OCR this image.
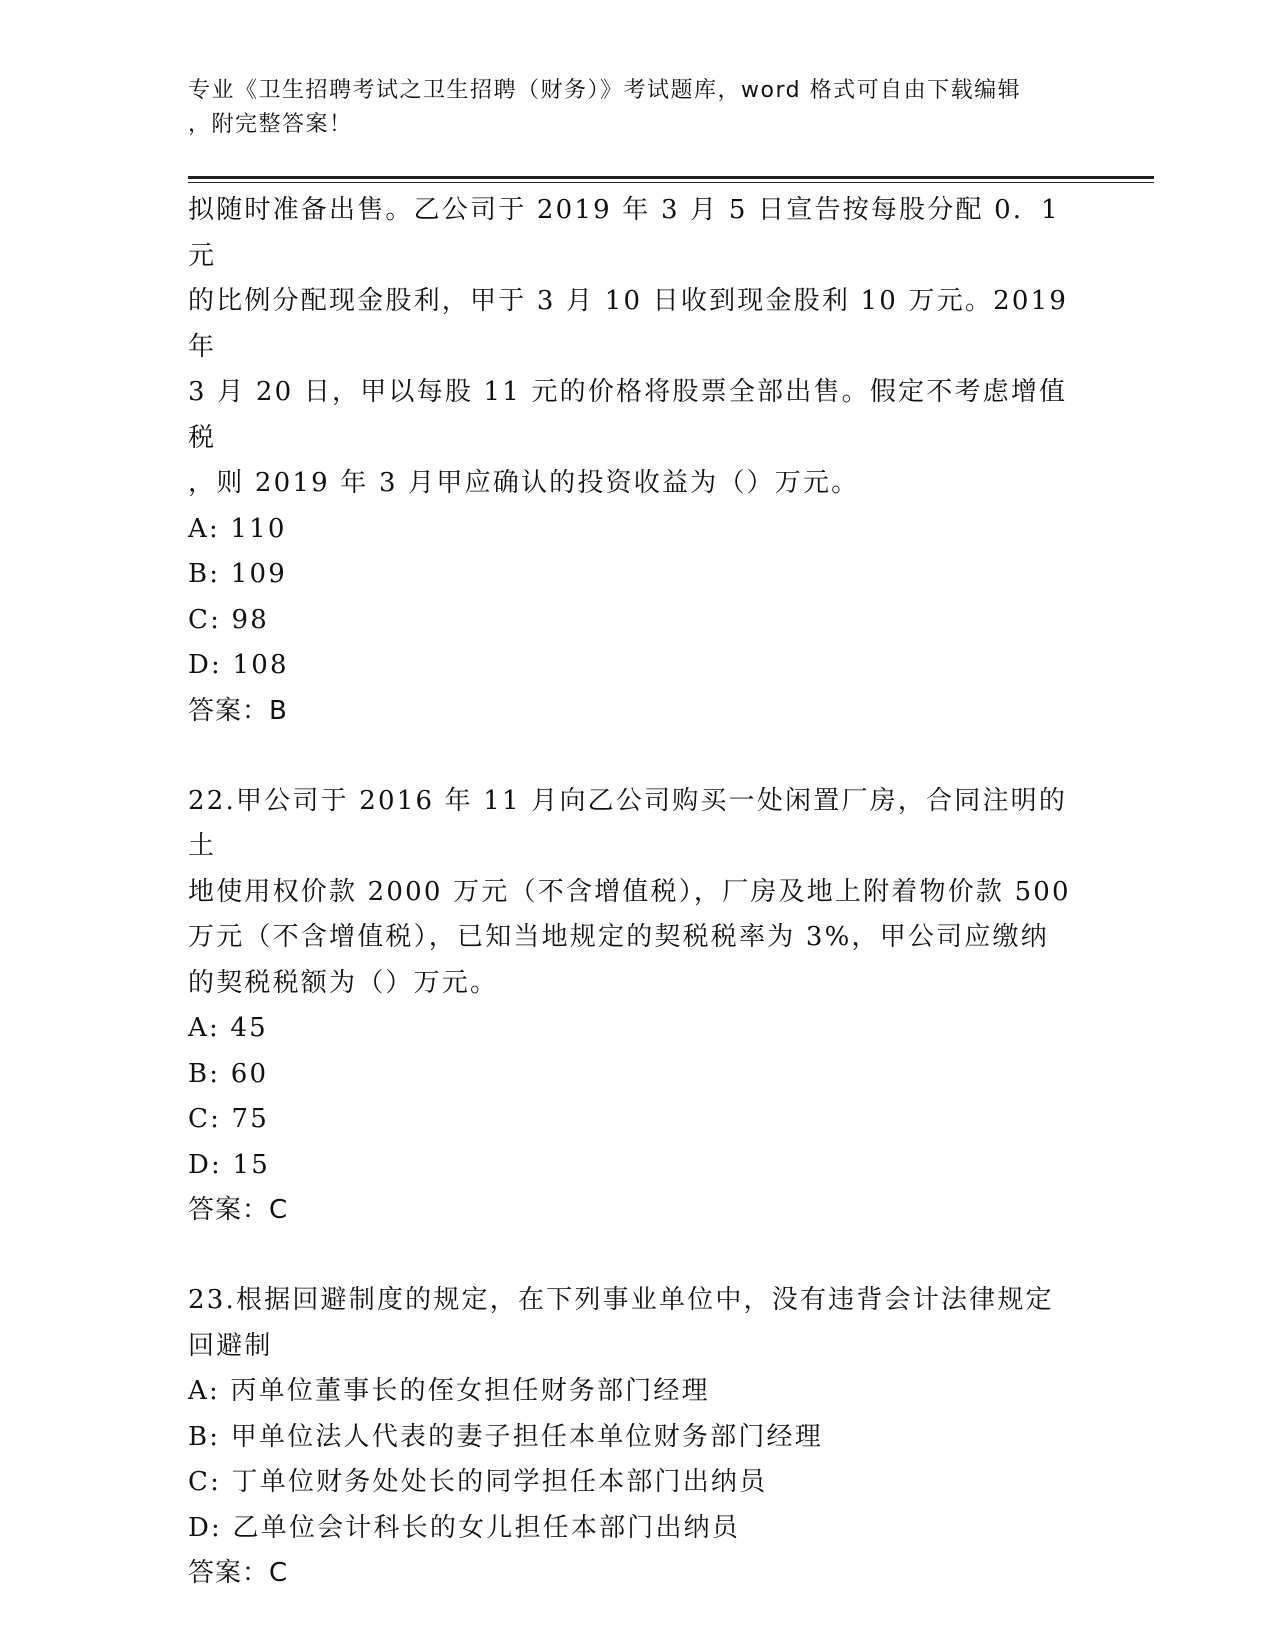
专业《卫生招聘考试之卫生招聘（财务）》考试题库，word 格式可自由下载编辑
，附完整答案！
拟随时准备出售。乙公司于 2019 年 3 月 5 日宣告按每股分配 0．1 元
的比例分配现金股利，甲于 3 月 10 日收到现金股利 10 万元。2019 年
3 月 20 日，甲以每股 11 元的价格将股票全部出售。假定不考虑增值税
，则 2019 年 3 月甲应确认的投资收益为（）万元。
A: 110
B: 109
C: 98
D: 108
答案：B
22.甲公司于 2016 年 11 月向乙公司购买一处闲置厂房，合同注明的土
地使用权价款 2000 万元（不含增值税），厂房及地上附着物价款 500
万元（不含增值税），已知当地规定的契税税率为 3%，甲公司应缴纳
的契税税额为（）万元。
A: 45
B: 60
C: 75
D: 15
答案：C
23.根据回避制度的规定，在下列事业单位中，没有违背会计法律规定
回避制
A: 丙单位董事长的侄女担任财务部门经理
B: 甲单位法人代表的妻子担任本单位财务部门经理
C: 丁单位财务处处长的同学担任本部门出纳员
D: 乙单位会计科长的女儿担任本部门出纳员
答案：C
